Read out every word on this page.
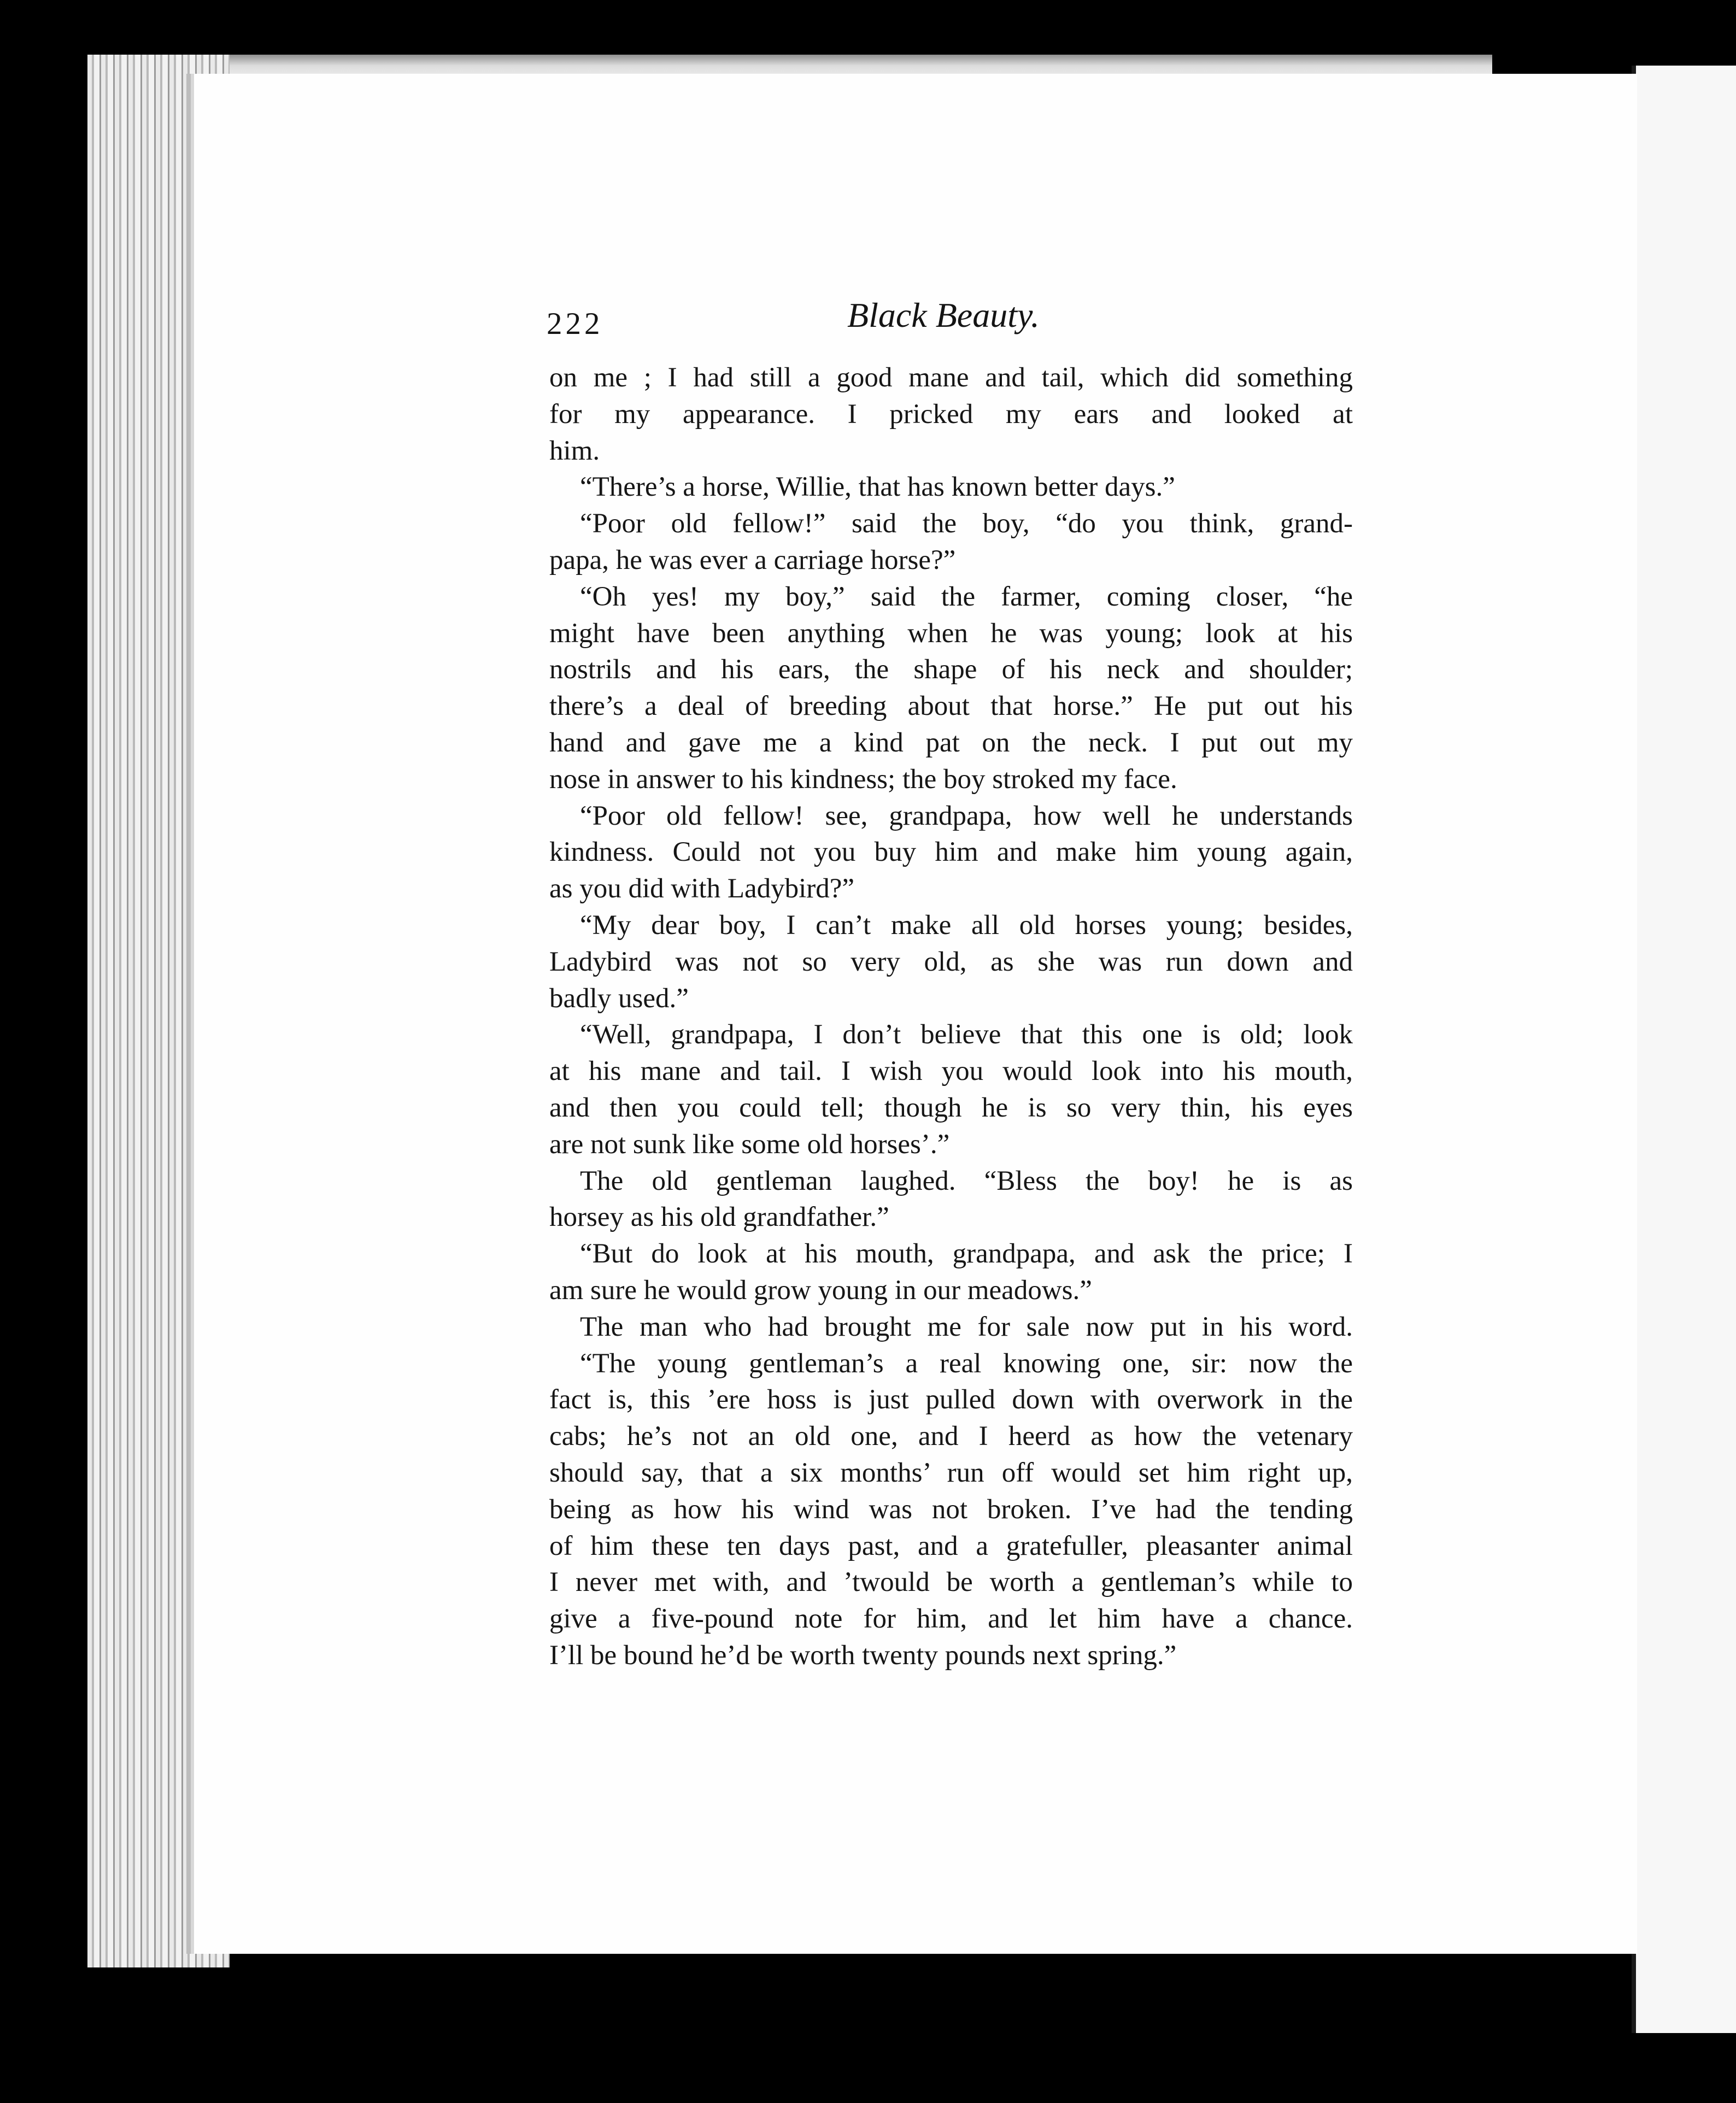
222	Black Beauty.
on me ; I had still a good mane and tail, which did something
for my appearance. I pricked my ears and looked at
him.
“There’s a horse, Willie, that has known better days.”
“Poor old fellow!” said the boy, “do you think, grand-
papa, he was ever a carriage horse?”
“Oh yes! my boy,” said the farmer, coming closer, “he
might have been anything when he was young; look at his
nostrils and his ears, the shape of his neck and shoulder;
there’s a deal of breeding about that horse.” He put out his
hand and gave me a kind pat on the neck. I put out my
nose in answer to his kindness; the boy stroked my face.
“Poor old fellow! see, grandpapa, how well he understands
kindness. Could not you buy him and make him young again,
as you did with Ladybird?”
“My dear boy, I can’t make all old horses young; besides,
Ladybird was not so very old, as she was run down and
badly used.”
“Well, grandpapa, I don’t believe that this one is old; look
at his mane and tail. I wish you would look into his mouth,
and then you could tell; though he is so very thin, his eyes
are not sunk like some old horses’.”
The old gentleman laughed. “Bless the boy! he is as
horsey as his old grandfather.”
“But do look at his mouth, grandpapa, and ask the price; I
am sure he would grow young in our meadows.”
The man who had brought me for sale now put in his word.
“The young gentleman’s a real knowing one, sir: now the
fact is, this ’ere hoss is just pulled down with overwork in the
cabs; he’s not an old one, and I heerd as how the vetenary
should say, that a six months’ run off would set him right up,
being as how his wind was not broken. I’ve had the tending
of him these ten days past, and a gratefuller, pleasanter animal
I never met with, and ’twould be worth a gentleman’s while to
give a five-pound note for him, and let him have a chance.
I’ll be bound he’d be worth twenty pounds next spring.”
